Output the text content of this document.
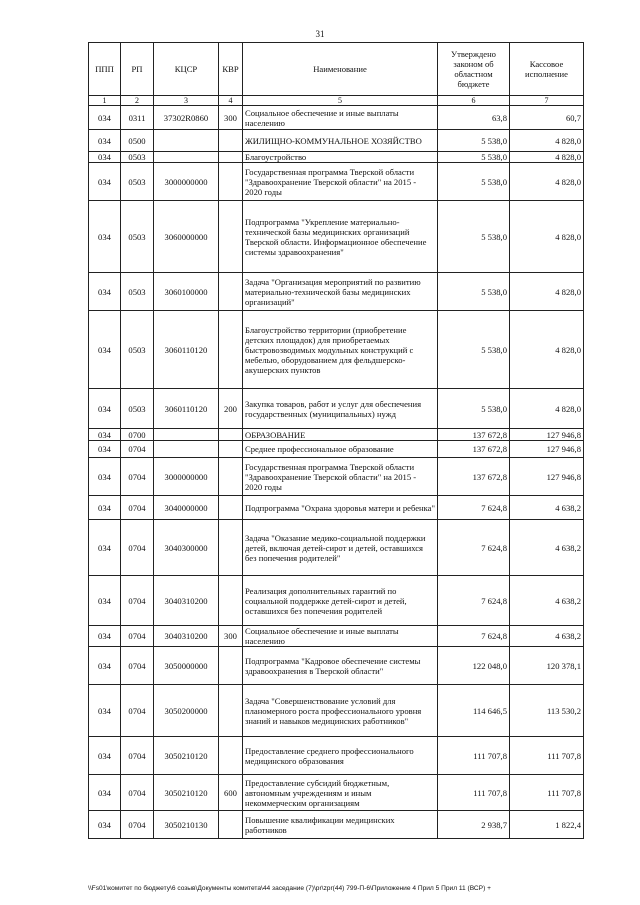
31
ППП	РП	КЦСР	КВР	Наименование	Утверждено законом об областном бюджете	Кассовое исполнение
1	2	3	4	5	6	7
034	0311	37302R0860	300	Социальное обеспечение и иные выплаты населению	63,8	60,7
034	0500			ЖИЛИЩНО-КОММУНАЛЬНОЕ ХОЗЯЙСТВО	5 538,0	4 828,0
034	0503			Благоустройство	5 538,0	4 828,0
034	0503	3000000000		Государственная программа Тверской области "Здравоохранение Тверской области" на 2015 - 2020 годы	5 538,0	4 828,0
034	0503	3060000000		Подпрограмма "Укрепление материально-технической базы медицинских организаций Тверской области. Информационное обеспечение системы здравоохранения"	5 538,0	4 828,0
034	0503	3060100000		Задача "Организация мероприятий по развитию материально-технической базы медицинских организаций"	5 538,0	4 828,0
034	0503	3060110120		Благоустройство территории (приобретение детских площадок) для приобретаемых быстровозводимых модульных конструкций с мебелью, оборудованием для фельдшерско-акушерских пунктов	5 538,0	4 828,0
034	0503	3060110120	200	Закупка товаров, работ и услуг для обеспечения государственных (муниципальных) нужд	5 538,0	4 828,0
034	0700			ОБРАЗОВАНИЕ	137 672,8	127 946,8
034	0704			Среднее профессиональное образование	137 672,8	127 946,8
034	0704	3000000000		Государственная программа Тверской области "Здравоохранение Тверской области" на 2015 - 2020 годы	137 672,8	127 946,8
034	0704	3040000000		Подпрограмма "Охрана здоровья матери и ребенка"	7 624,8	4 638,2
034	0704	3040300000		Задача "Оказание медико-социальной поддержки детей, включая детей-сирот и детей, оставшихся без попечения родителей"	7 624,8	4 638,2
034	0704	3040310200		Реализация дополнительных гарантий по социальной поддержке детей-сирот и детей, оставшихся без попечения родителей	7 624,8	4 638,2
034	0704	3040310200	300	Социальное обеспечение и иные выплаты населению	7 624,8	4 638,2
034	0704	3050000000		Подпрограмма "Кадровое обеспечение системы здравоохранения в Тверской области"	122 048,0	120 378,1
034	0704	3050200000		Задача "Совершенствование условий для планомерного роста профессионального уровня знаний и навыков медицинских работников"	114 646,5	113 530,2
034	0704	3050210120		Предоставление среднего профессионального медицинского образования	111 707,8	111 707,8
034	0704	3050210120	600	Предоставление субсидий бюджетным, автономным учреждениям и иным некоммерческим организациям	111 707,8	111 707,8
034	0704	3050210130		Повышение квалификации медицинских работников	2 938,7	1 822,4
\\Fs01\комитет по бюджету\6 созыв\Документы комитета\44 заседание (7)\pr\zpr(44) 799-П-6\Приложение 4 Прил 5 Прил 11 (ВСР) +
